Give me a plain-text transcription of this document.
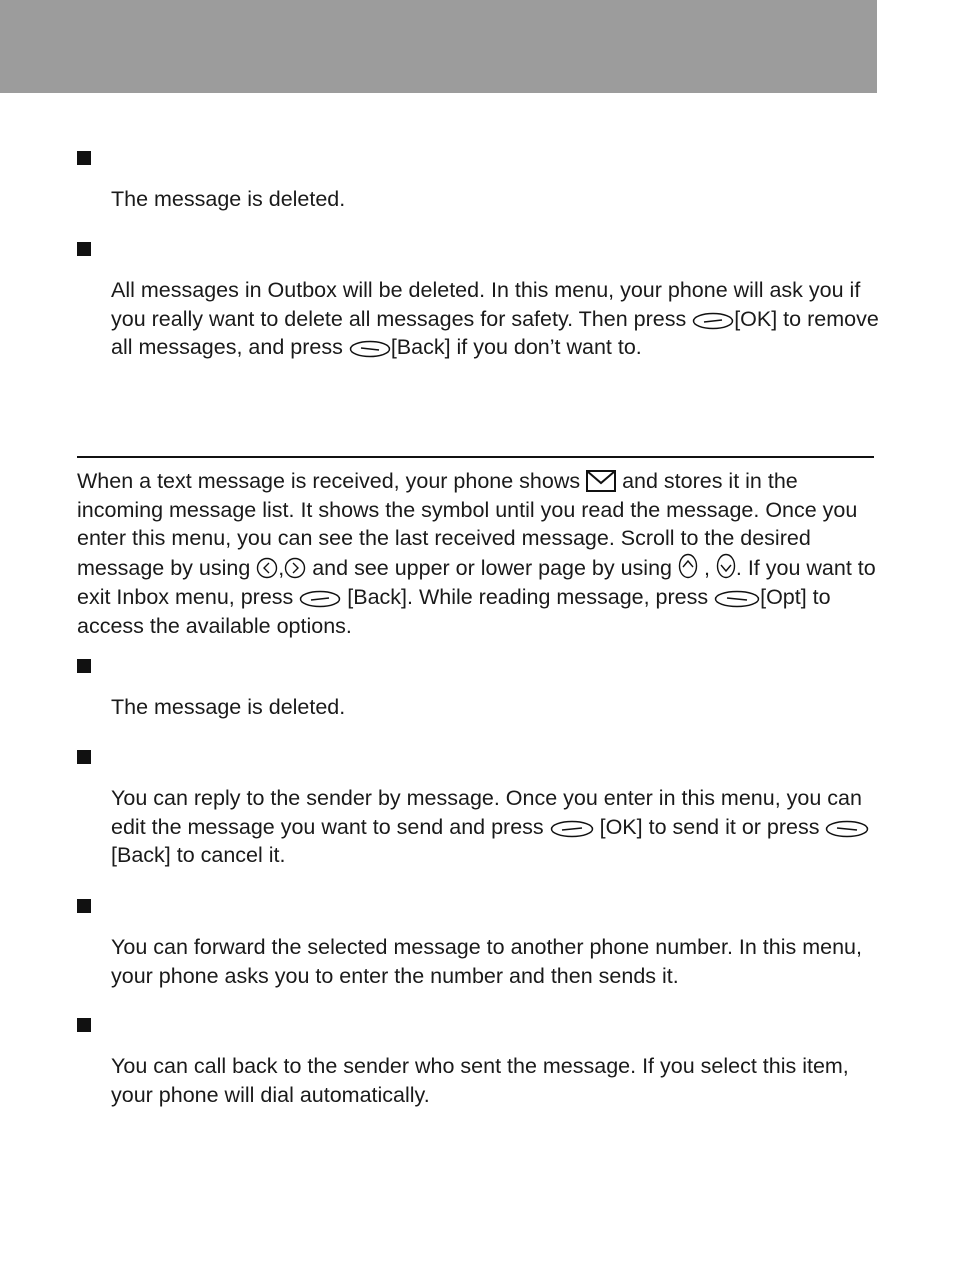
The message is deleted.

All messages in Outbox will be deleted. In this menu, your phone will ask you if you really want to delete all messages for safety. Then press
[OK] to remove all messages, and press
[Back] if you don’t want to.

When a text message is received, your phone shows
and stores it in the incoming message list. It shows the symbol until you read the message. Once you enter this menu, you can see the last received message. Scroll to the desired message by using
,
and see upper or lower page by using
,
. If you want to exit Inbox menu, press
[Back]. While reading message, press
[Opt] to access the available options.

The message is deleted.

You can reply to the sender by message. Once you enter in this menu, you can edit the message you want to send and press
[OK] to send it or press
[Back] to cancel it.

You can forward the selected message to another phone number. In this menu, your phone asks you to enter the number and then sends it.

You can call back to the sender who sent the message. If you select this item, your phone will dial automatically.
